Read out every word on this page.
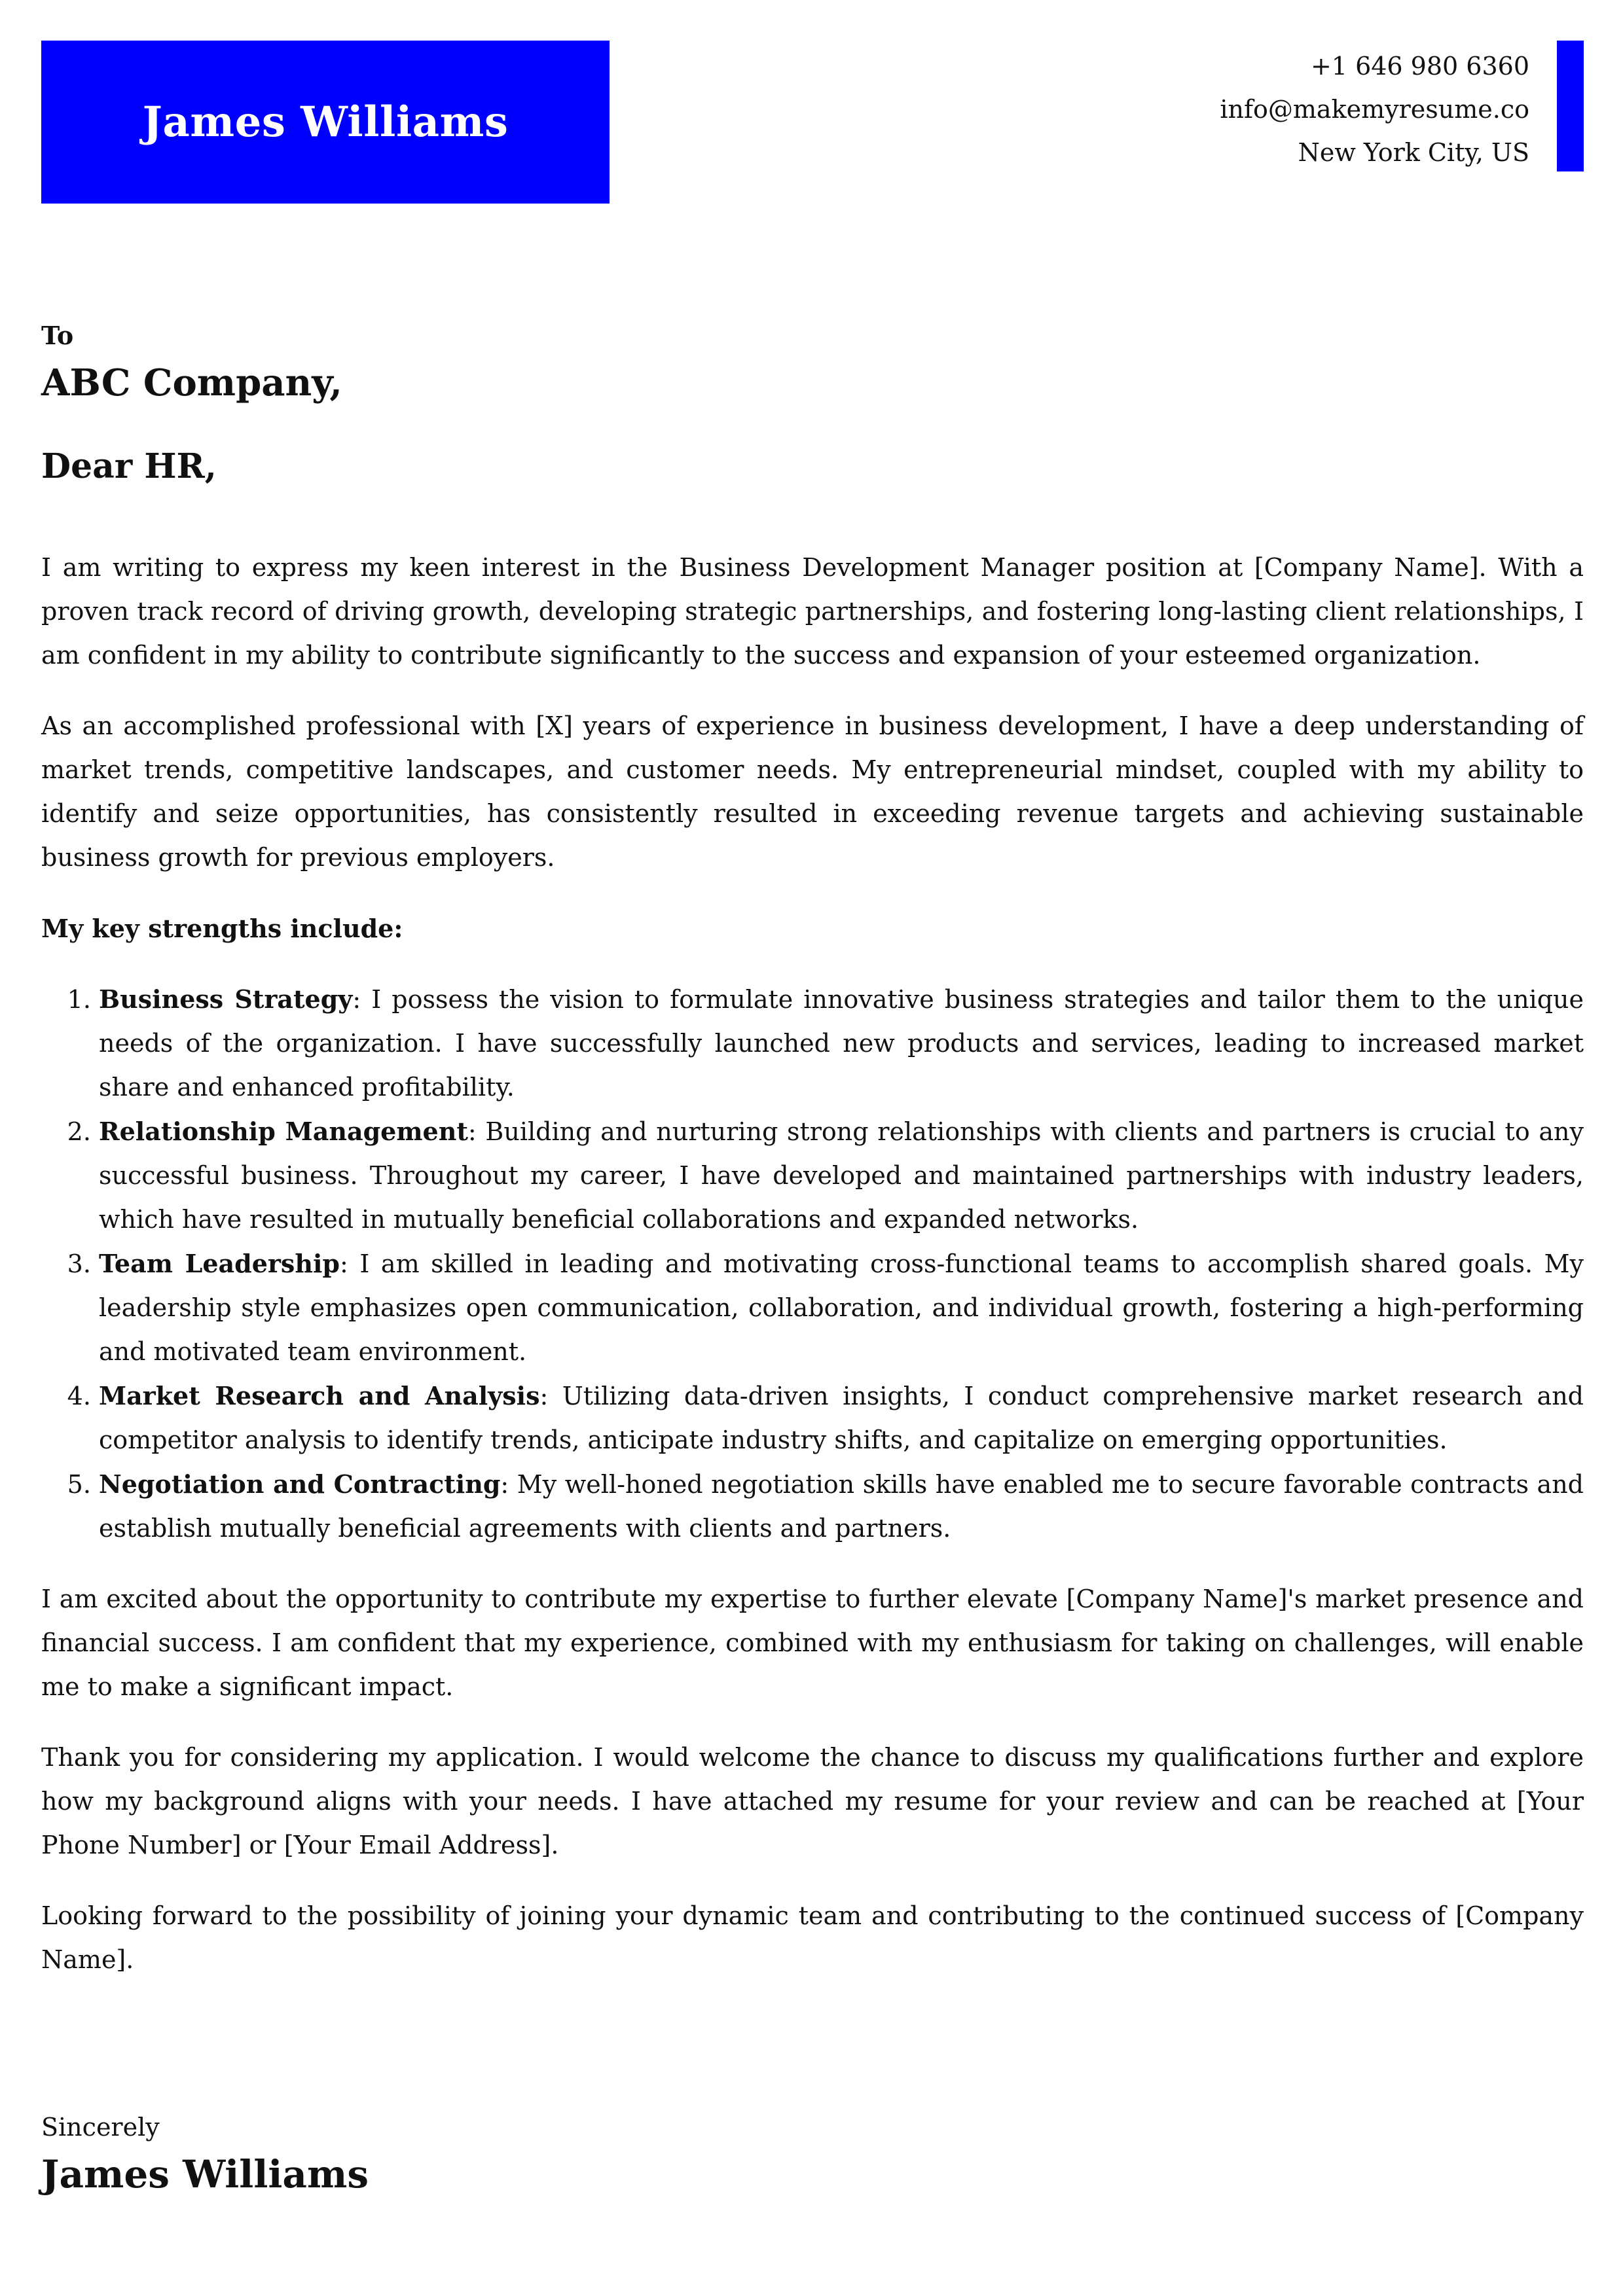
James Williams
+1 646 980 6360
info@makemyresume.co
New York City, US
To
ABC Company,
Dear HR,

I am writing to express my keen interest in the Business Development Manager position at [Company Name]. With a proven track record of driving growth, developing strategic partnerships, and fostering long-lasting client relationships, I am confident in my ability to contribute significantly to the success and expansion of your esteemed organization.

As an accomplished professional with [X] years of experience in business development, I have a deep understanding of market trends, competitive landscapes, and customer needs. My entrepreneurial mindset, coupled with my ability to identify and seize opportunities, has consistently resulted in exceeding revenue targets and achieving sustainable business growth for previous employers.

My key strengths include:

1. Business Strategy: I possess the vision to formulate innovative business strategies and tailor them to the unique needs of the organization. I have successfully launched new products and services, leading to increased market share and enhanced profitability.
2. Relationship Management: Building and nurturing strong relationships with clients and partners is crucial to any successful business. Throughout my career, I have developed and maintained partnerships with industry leaders, which have resulted in mutually beneficial collaborations and expanded networks.
3. Team Leadership: I am skilled in leading and motivating cross-functional teams to accomplish shared goals. My leadership style emphasizes open communication, collaboration, and individual growth, fostering a high-performing and motivated team environment.
4. Market Research and Analysis: Utilizing data-driven insights, I conduct comprehensive market research and competitor analysis to identify trends, anticipate industry shifts, and capitalize on emerging opportunities.
5. Negotiation and Contracting: My well-honed negotiation skills have enabled me to secure favorable contracts and establish mutually beneficial agreements with clients and partners.

I am excited about the opportunity to contribute my expertise to further elevate [Company Name]'s market presence and financial success. I am confident that my experience, combined with my enthusiasm for taking on challenges, will enable me to make a significant impact.

Thank you for considering my application. I would welcome the chance to discuss my qualifications further and explore how my background aligns with your needs. I have attached my resume for your review and can be reached at [Your Phone Number] or [Your Email Address].

Looking forward to the possibility of joining your dynamic team and contributing to the continued success of [Company Name].

Sincerely
James Williams
